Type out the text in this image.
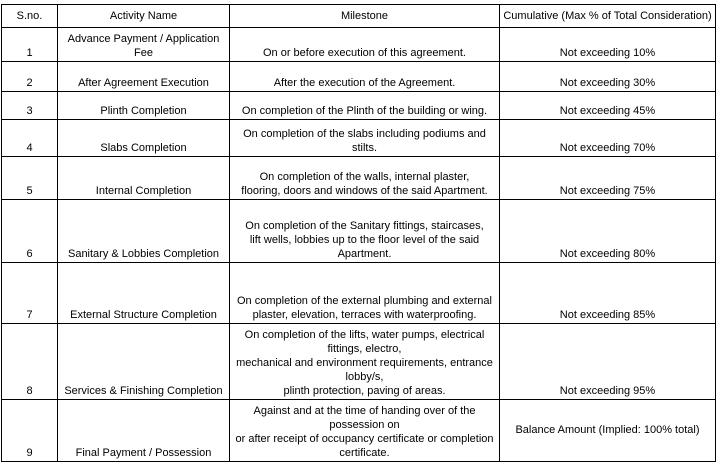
S.no.	Activity Name	Milestone	Cumulative (Max % of Total Consideration)
1	Advance Payment / Application
Fee	On or before execution of this agreement.	Not exceeding 10%
2	After Agreement Execution	After the execution of the Agreement.	Not exceeding 30%
3	Plinth Completion	On completion of the Plinth of the building or wing.	Not exceeding 45%
4	Slabs Completion	On completion of the slabs including podiums and stilts.	Not exceeding 70%
5	Internal Completion	On completion of the walls, internal plaster,
flooring, doors and windows of the said Apartment.	Not exceeding 75%
6	Sanitary & Lobbies Completion	On completion of the Sanitary fittings, staircases,
lift wells, lobbies up to the floor level of the said
Apartment.	Not exceeding 80%
7	External Structure Completion	On completion of the external plumbing and external
plaster, elevation, terraces with waterproofing.	Not exceeding 85%
8	Services & Finishing Completion	On completion of the lifts, water pumps, electrical
fittings, electro,
mechanical and environment requirements, entrance
lobby/s,
plinth protection, paving of areas.	Not exceeding 95%
9	Final Payment / Possession	Against and at the time of handing over of the
possession on
or after receipt of occupancy certificate or completion
certificate.	Balance Amount (Implied: 100% total)
